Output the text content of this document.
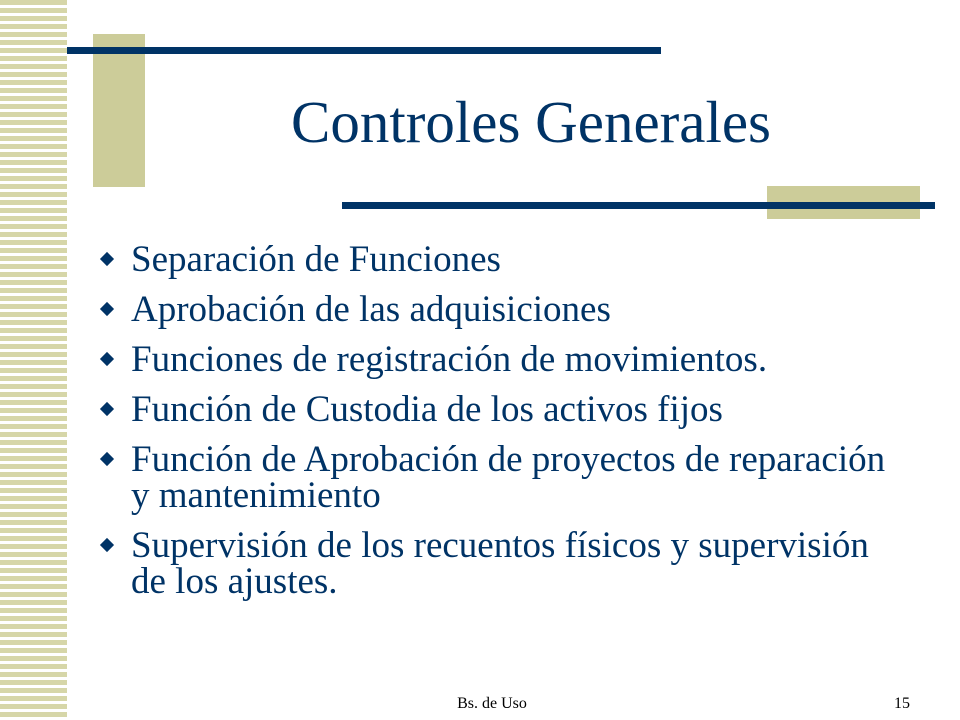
Controles Generales
Separación de Funciones
Aprobación de las adquisiciones
Funciones de registración de movimientos.
Función de Custodia de los activos fijos
Función de Aprobación de proyectos de reparación y mantenimiento
Supervisión de los recuentos físicos y supervisión de los ajustes.
Bs. de Uso	15
